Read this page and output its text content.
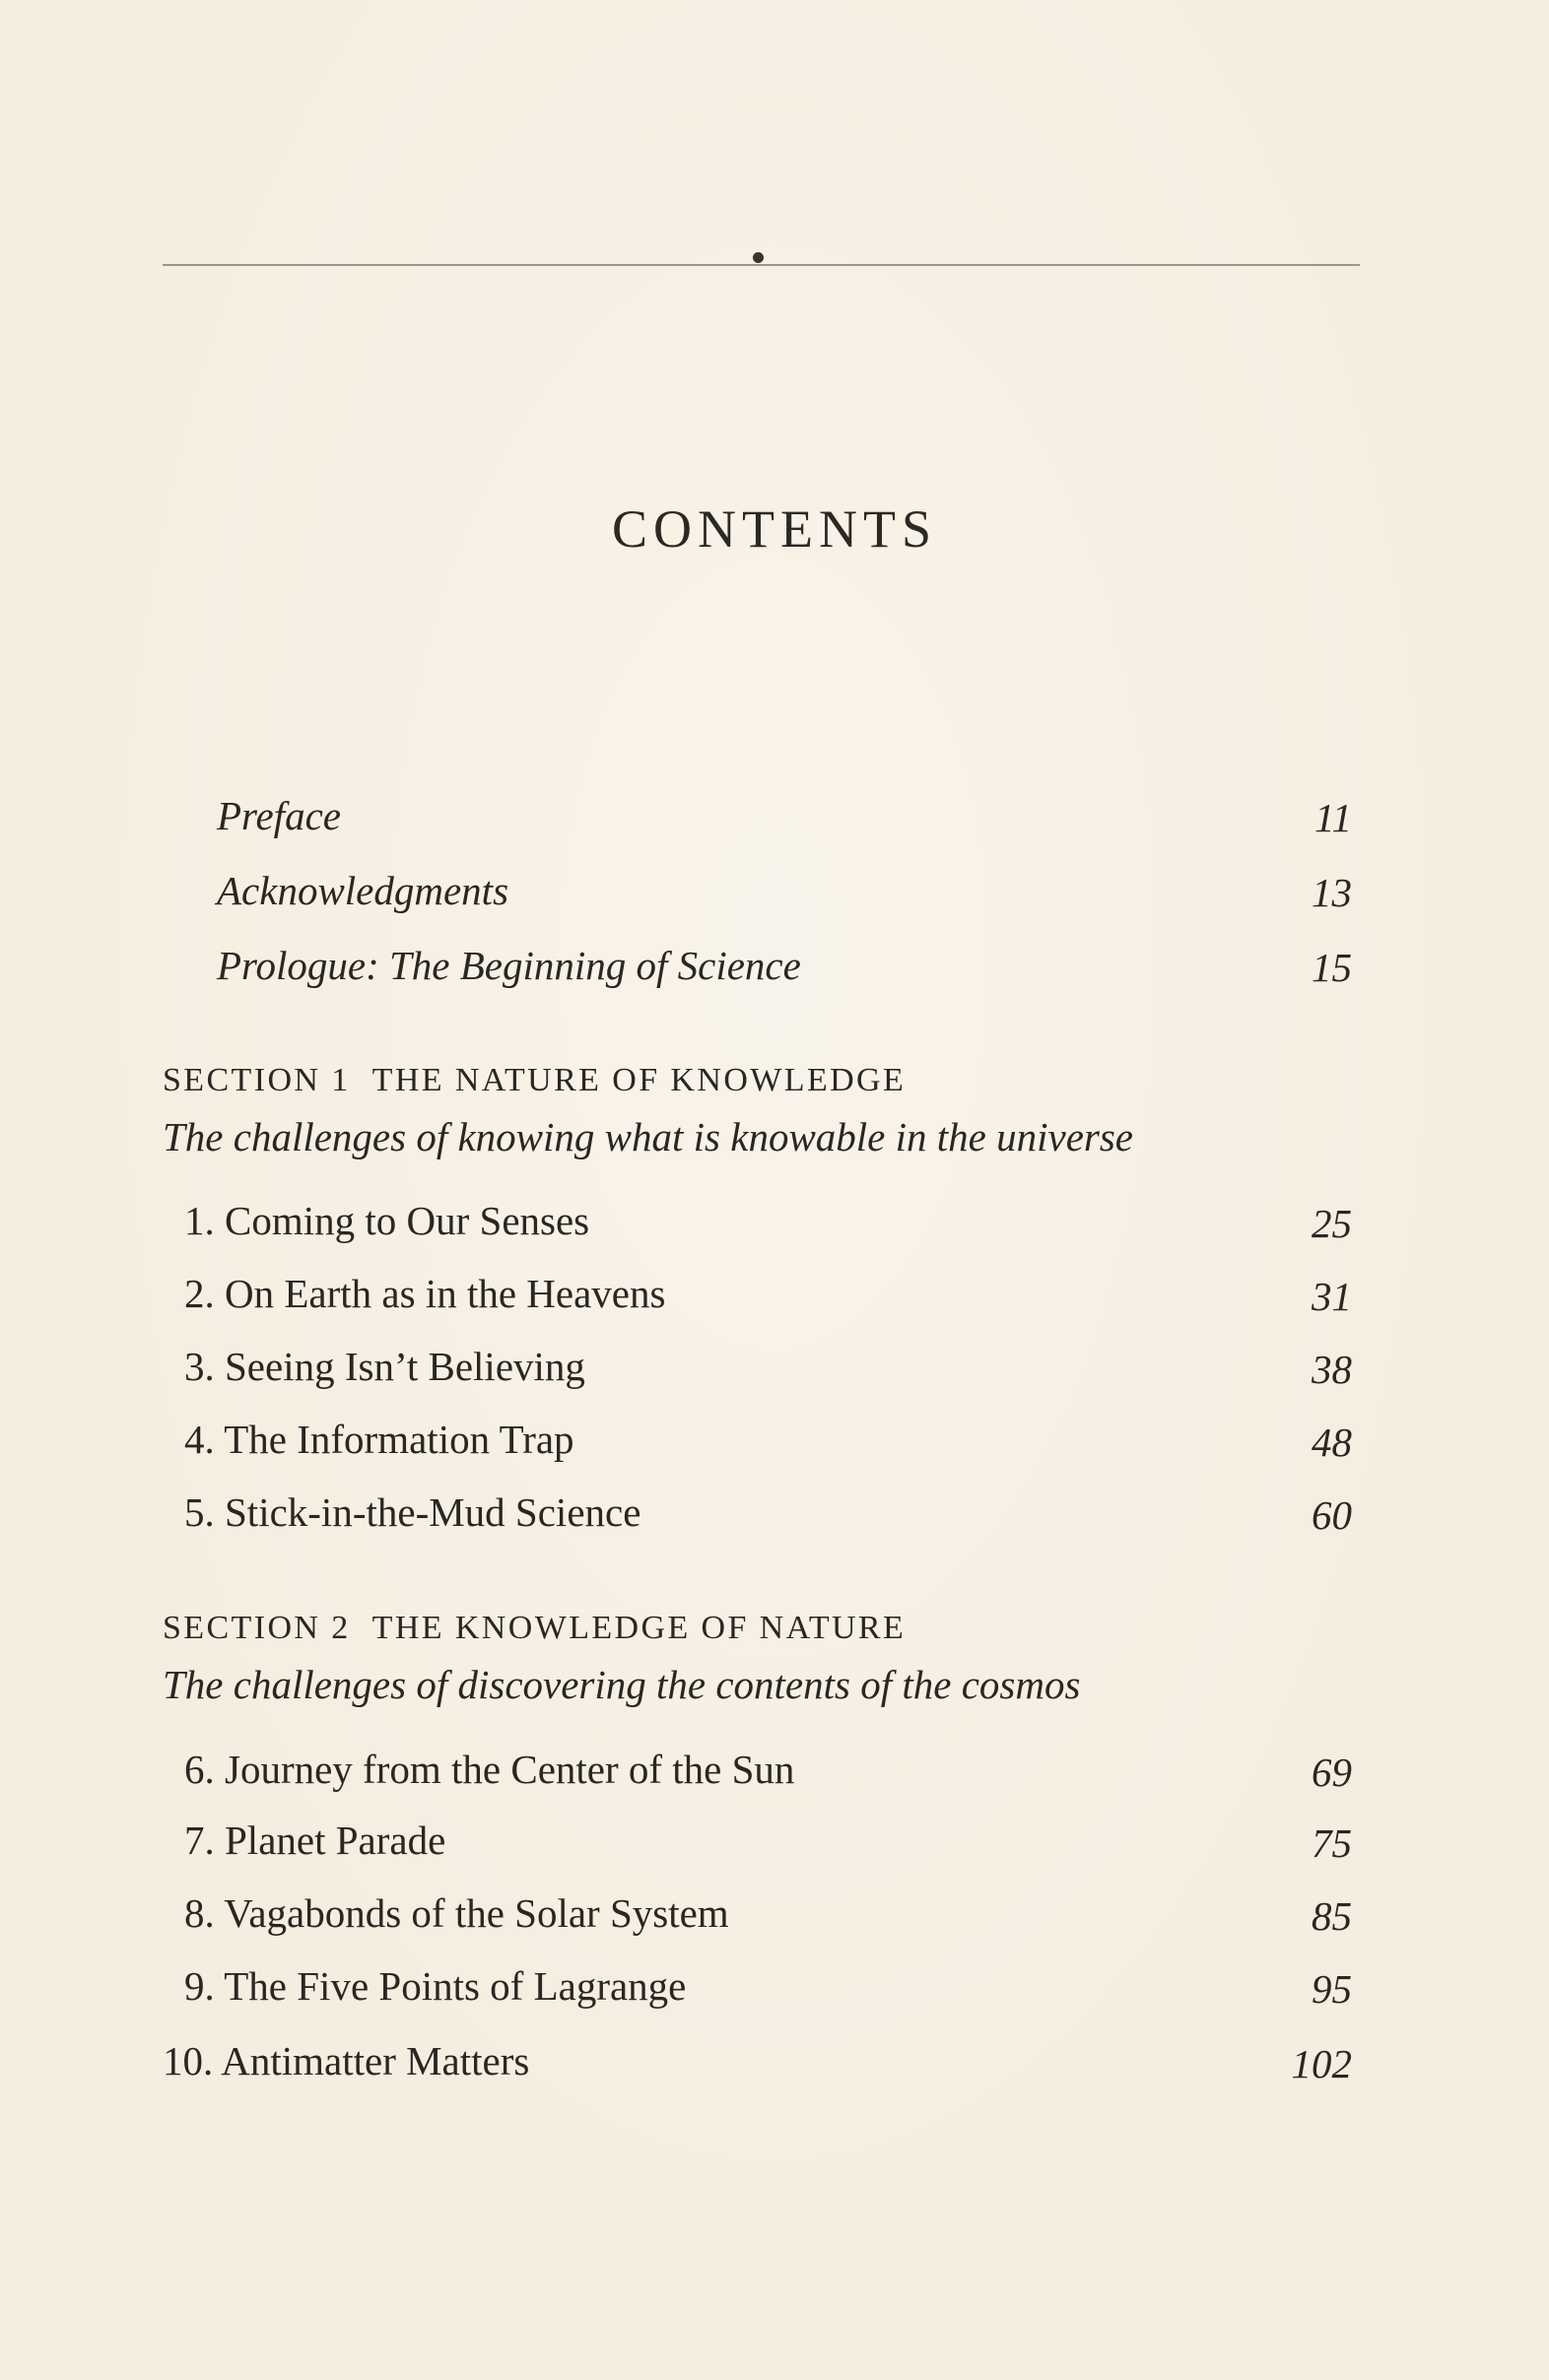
CONTENTS
Preface	11
Acknowledgments	13
Prologue: The Beginning of Science	15
SECTION 1 THE NATURE OF KNOWLEDGE
The challenges of knowing what is knowable in the universe
1. Coming to Our Senses	25
2. On Earth as in the Heavens	31
3. Seeing Isn’t Believing	38
4. The Information Trap	48
5. Stick-in-the-Mud Science	60
SECTION 2 THE KNOWLEDGE OF NATURE
The challenges of discovering the contents of the cosmos
6. Journey from the Center of the Sun	69
7. Planet Parade	75
8. Vagabonds of the Solar System	85
9. The Five Points of Lagrange	95
10. Antimatter Matters	102
